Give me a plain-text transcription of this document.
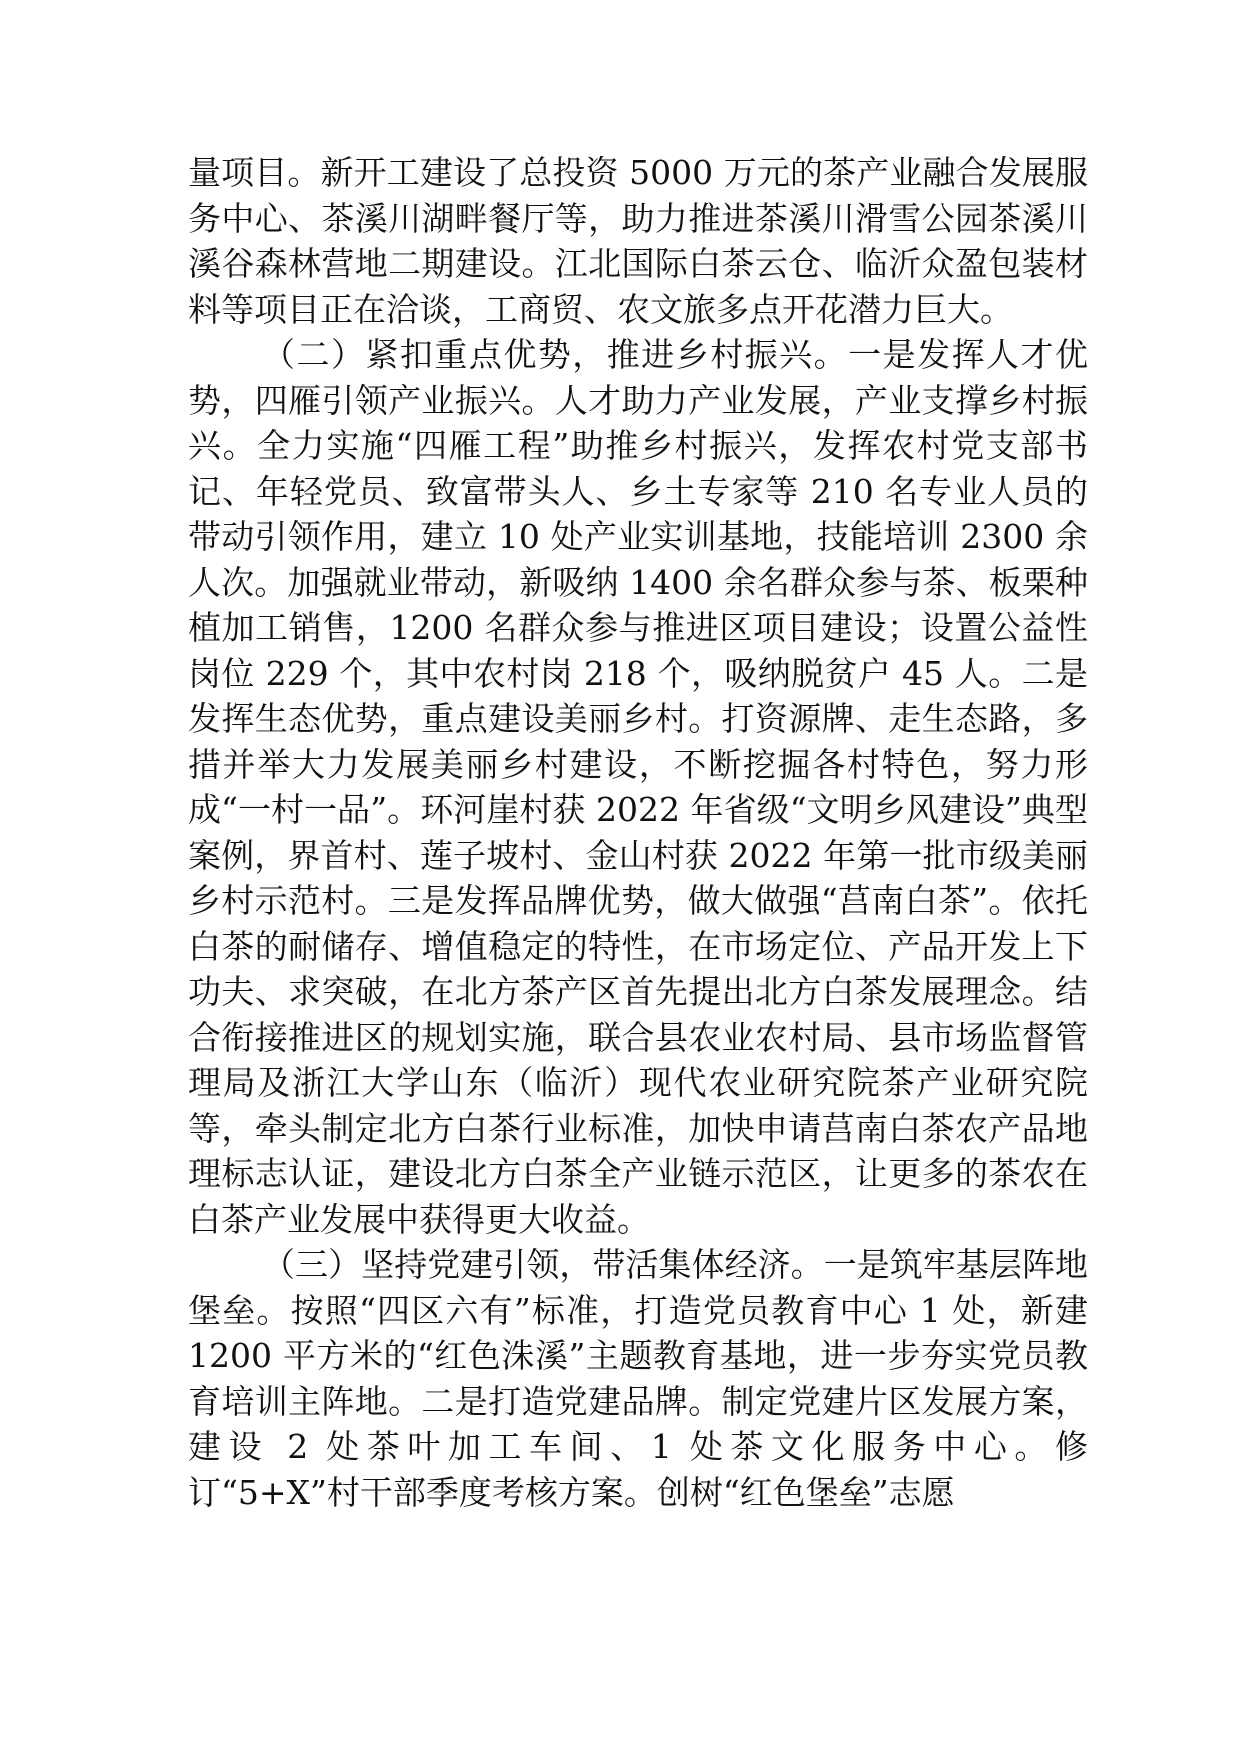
量项目。新开工建设了总投资 5000 万元的茶产业融合发展服务中心、茶溪川湖畔餐厅等，助力推进茶溪川滑雪公园茶溪川溪谷森林营地二期建设。江北国际白茶云仓、临沂众盈包装材料等项目正在洽谈，工商贸、农文旅多点开花潜力巨大。

（二）紧扣重点优势，推进乡村振兴。一是发挥人才优势，四雁引领产业振兴。人才助力产业发展，产业支撑乡村振兴。全力实施“四雁工程”助推乡村振兴，发挥农村党支部书记、年轻党员、致富带头人、乡土专家等 210 名专业人员的带动引领作用，建立 10 处产业实训基地，技能培训 2300 余人次。加强就业带动，新吸纳 1400 余名群众参与茶、板栗种植加工销售，1200 名群众参与推进区项目建设；设置公益性岗位 229 个，其中农村岗 218 个，吸纳脱贫户 45 人。二是发挥生态优势，重点建设美丽乡村。打资源牌、走生态路，多措并举大力发展美丽乡村建设，不断挖掘各村特色，努力形成“一村一品”。环河崖村获 2022 年省级“文明乡风建设”典型案例，界首村、莲子坡村、金山村获 2022 年第一批市级美丽乡村示范村。三是发挥品牌优势，做大做强“莒南白茶”。依托白茶的耐储存、增值稳定的特性，在市场定位、产品开发上下功夫、求突破，在北方茶产区首先提出北方白茶发展理念。结合衔接推进区的规划实施，联合县农业农村局、县市场监督管理局及浙江大学山东（临沂）现代农业研究院茶产业研究院等，牵头制定北方白茶行业标准，加快申请莒南白茶农产品地理标志认证，建设北方白茶全产业链示范区，让更多的茶农在白茶产业发展中获得更大收益。

（三）坚持党建引领，带活集体经济。一是筑牢基层阵地堡垒。按照“四区六有”标准，打造党员教育中心 1 处，新建 1200 平方米的“红色洙溪”主题教育基地，进一步夯实党员教育培训主阵地。二是打造党建品牌。制定党建片区发展方案，建设 2 处茶叶加工车间、1 处茶文化服务中心。修订“5+X”村干部季度考核方案。创树“红色堡垒”志愿
